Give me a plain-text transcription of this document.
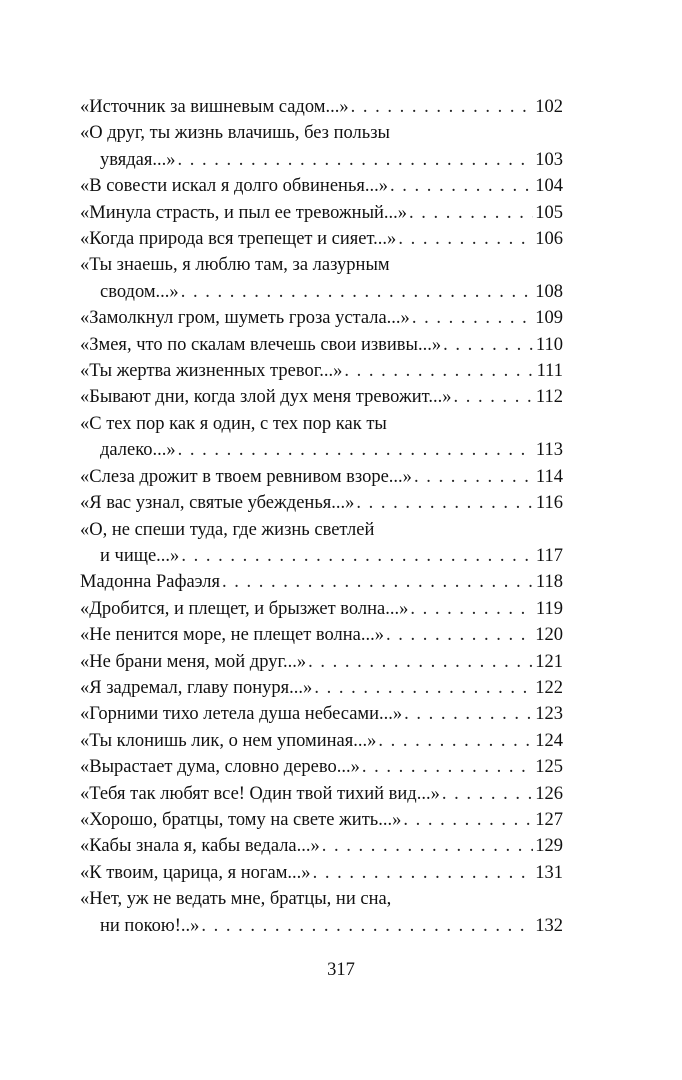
«Источник за вишневым садом...» . . .	102
«О друг, ты жизнь влачишь, без пользы
увядая...» . . .	103
«В совести искал я долго обвиненья...» . . .	104
«Минула страсть, и пыл ее тревожный...» . . .	105
«Когда природа вся трепещет и сияет...» . . .	106
«Ты знаешь, я люблю там, за лазурным
сводом...» . . .	108
«Замолкнул гром, шуметь гроза устала...» . . .	109
«Змея, что по скалам влечешь свои извивы...» . . .	110
«Ты жертва жизненных тревог...» . . .	111
«Бывают дни, когда злой дух меня тревожит...» . . .	112
«С тех пор как я один, с тех пор как ты
далеко...» . . .	113
«Слеза дрожит в твоем ревнивом взоре...» . . .	114
«Я вас узнал, святые убежденья...» . . .	116
«О, не спеши туда, где жизнь светлей
и чище...» . . .	117
Мадонна Рафаэля . . .	118
«Дробится, и плещет, и брызжет волна...» . . .	119
«Не пенится море, не плещет волна...» . . .	120
«Не брани меня, мой друг...» . . .	121
«Я задремал, главу понуря...» . . .	122
«Горними тихо летела душа небесами...» . . .	123
«Ты клонишь лик, о нем упоминая...» . . .	124
«Вырастает дума, словно дерево...» . . .	125
«Тебя так любят все! Один твой тихий вид...» . . .	126
«Хорошо, братцы, тому на свете жить...» . . .	127
«Кабы знала я, кабы ведала...» . . .	129
«К твоим, царица, я ногам...» . . .	131
«Нет, уж не ведать мне, братцы, ни сна,
ни покою!..» . . .	132
317
